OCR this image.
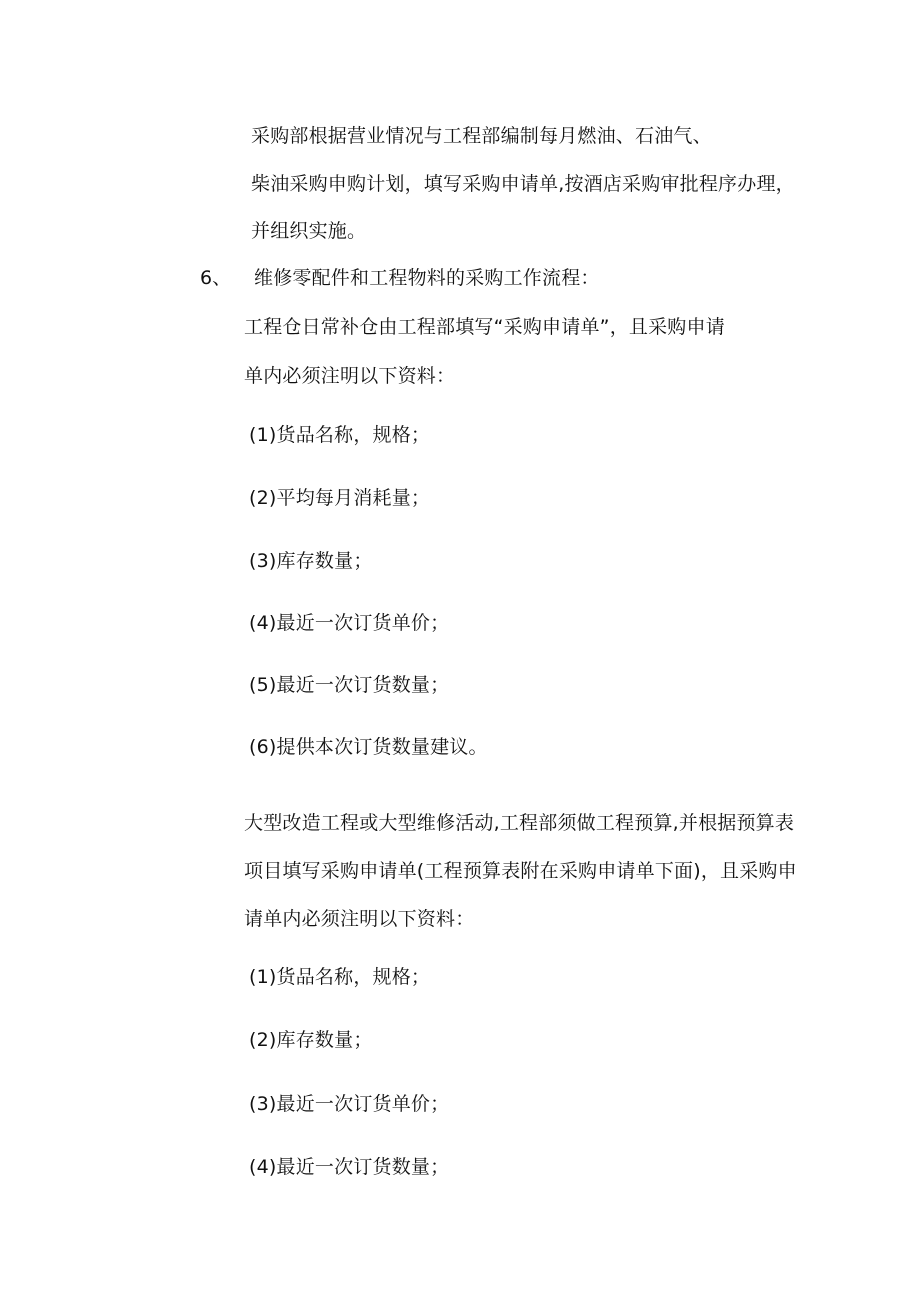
采购部根据营业情况与工程部编制每月燃油、石油气、
柴油采购申购计划，填写采购申请单,按酒店采购审批程序办理，
并组织实施。
6、 维修零配件和工程物料的采购工作流程：
工程仓日常补仓由工程部填写“采购申请单”，且采购申请
单内必须注明以下资料：
(1)货品名称，规格；
(2)平均每月消耗量；
(3)库存数量；
(4)最近一次订货单价；
(5)最近一次订货数量；
(6)提供本次订货数量建议。
大型改造工程或大型维修活动,工程部须做工程预算,并根据预算表
项目填写采购申请单(工程预算表附在采购申请单下面)，且采购申
请单内必须注明以下资料：
(1)货品名称，规格；
(2)库存数量；
(3)最近一次订货单价；
(4)最近一次订货数量；
